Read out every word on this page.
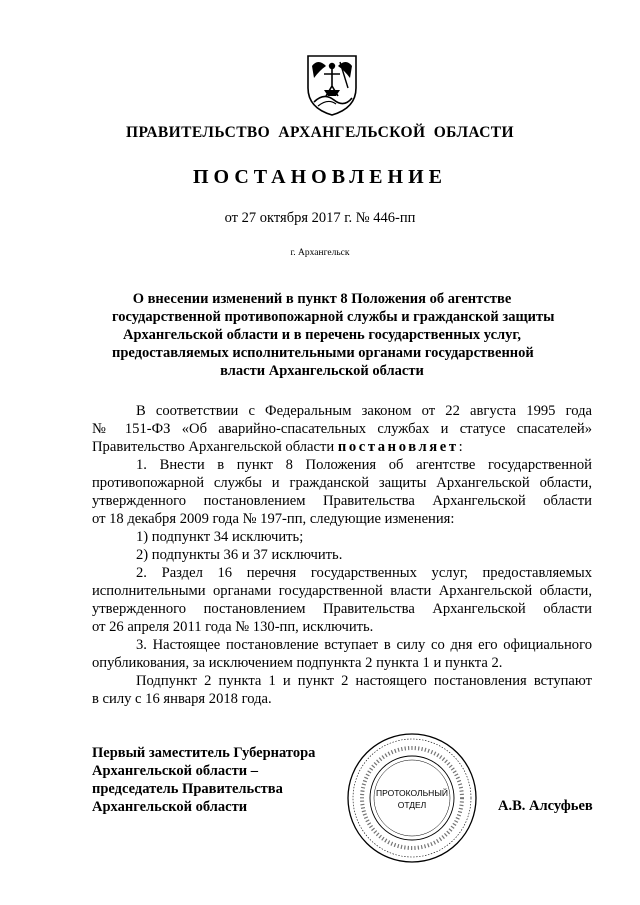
ПРАВИТЕЛЬСТВО АРХАНГЕЛЬСКОЙ ОБЛАСТИ
ПОСТАНОВЛЕНИЕ
от 27 октября 2017 г. № 446-пп
г. Архангельск
О внесении изменений в пункт 8 Положения об агентстве
государственной противопожарной службы и гражданской защиты
Архангельской области и в перечень государственных услуг,
предоставляемых исполнительными органами государственной
власти Архангельской области
В соответствии с Федеральным законом от 22 августа 1995 года
№ 151-ФЗ «Об аварийно-спасательных службах и статусе спасателей»
Правительство Архангельской области постановляет:
1. Внести в пункт 8 Положения об агентстве государственной
противопожарной службы и гражданской защиты Архангельской области,
утвержденного постановлением Правительства Архангельской области
от 18 декабря 2009 года № 197-пп, следующие изменения:
1) подпункт 34 исключить;
2) подпункты 36 и 37 исключить.
2. Раздел 16 перечня государственных услуг, предоставляемых
исполнительными органами государственной власти Архангельской области,
утвержденного постановлением Правительства Архангельской области
от 26 апреля 2011 года № 130-пп, исключить.
3. Настоящее постановление вступает в силу со дня его официального
опубликования, за исключением подпункта 2 пункта 1 и пункта 2.
Подпункт 2 пункта 1 и пункт 2 настоящего постановления вступают
в силу с 16 января 2018 года.
Первый заместитель Губернатора
Архангельской области –
председатель Правительства
Архангельской области
ПРОТОКОЛЬНЫЙ
ОТДЕЛ	А.В. Алсуфьев
